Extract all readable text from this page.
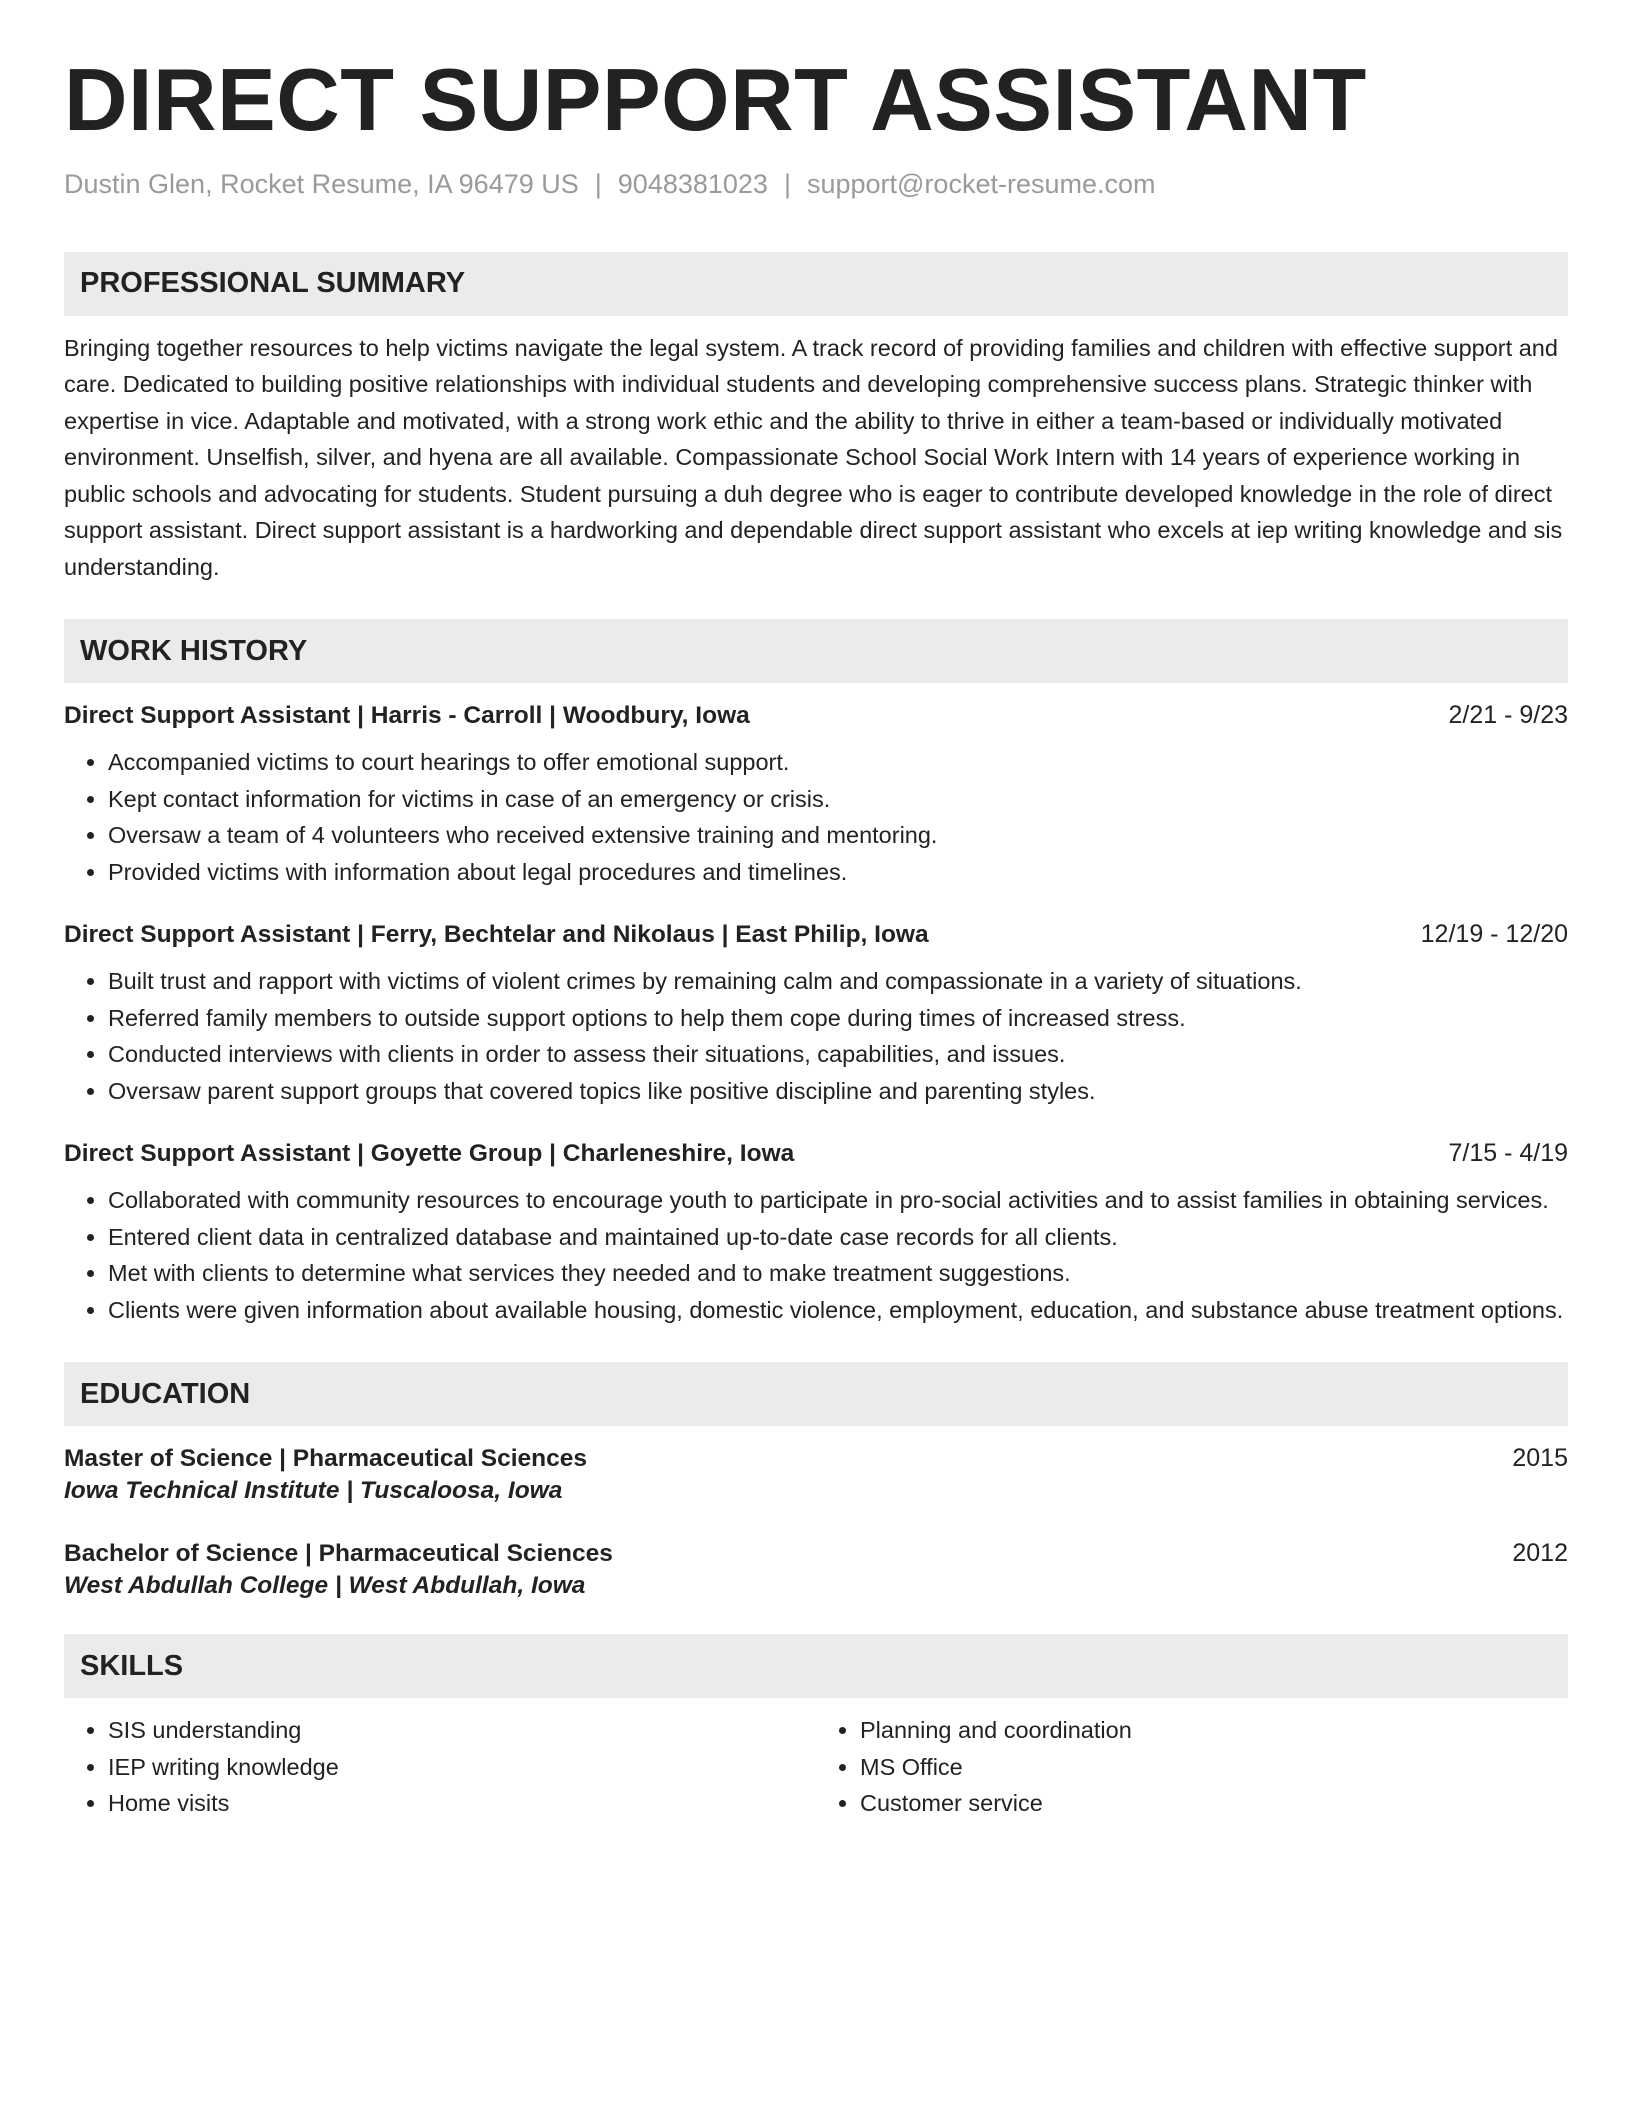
DIRECT SUPPORT ASSISTANT
Dustin Glen, Rocket Resume, IA 96479 US | 9048381023 | support@rocket-resume.com
PROFESSIONAL SUMMARY
Bringing together resources to help victims navigate the legal system. A track record of providing families and children with effective support and care. Dedicated to building positive relationships with individual students and developing comprehensive success plans. Strategic thinker with expertise in vice. Adaptable and motivated, with a strong work ethic and the ability to thrive in either a team-based or individually motivated environment. Unselfish, silver, and hyena are all available. Compassionate School Social Work Intern with 14 years of experience working in public schools and advocating for students. Student pursuing a duh degree who is eager to contribute developed knowledge in the role of direct support assistant. Direct support assistant is a hardworking and dependable direct support assistant who excels at iep writing knowledge and sis understanding.
WORK HISTORY
Direct Support Assistant | Harris - Carroll | Woodbury, Iowa	2/21 - 9/23
• Accompanied victims to court hearings to offer emotional support.
• Kept contact information for victims in case of an emergency or crisis.
• Oversaw a team of 4 volunteers who received extensive training and mentoring.
• Provided victims with information about legal procedures and timelines.
Direct Support Assistant | Ferry, Bechtelar and Nikolaus | East Philip, Iowa	12/19 - 12/20
• Built trust and rapport with victims of violent crimes by remaining calm and compassionate in a variety of situations.
• Referred family members to outside support options to help them cope during times of increased stress.
• Conducted interviews with clients in order to assess their situations, capabilities, and issues.
• Oversaw parent support groups that covered topics like positive discipline and parenting styles.
Direct Support Assistant | Goyette Group | Charleneshire, Iowa	7/15 - 4/19
• Collaborated with community resources to encourage youth to participate in pro-social activities and to assist families in obtaining services.
• Entered client data in centralized database and maintained up-to-date case records for all clients.
• Met with clients to determine what services they needed and to make treatment suggestions.
• Clients were given information about available housing, domestic violence, employment, education, and substance abuse treatment options.
EDUCATION
Master of Science | Pharmaceutical Sciences	2015
Iowa Technical Institute | Tuscaloosa, Iowa
Bachelor of Science | Pharmaceutical Sciences	2012
West Abdullah College | West Abdullah, Iowa
SKILLS
• SIS understanding
• IEP writing knowledge
• Home visits
• Planning and coordination
• MS Office
• Customer service
